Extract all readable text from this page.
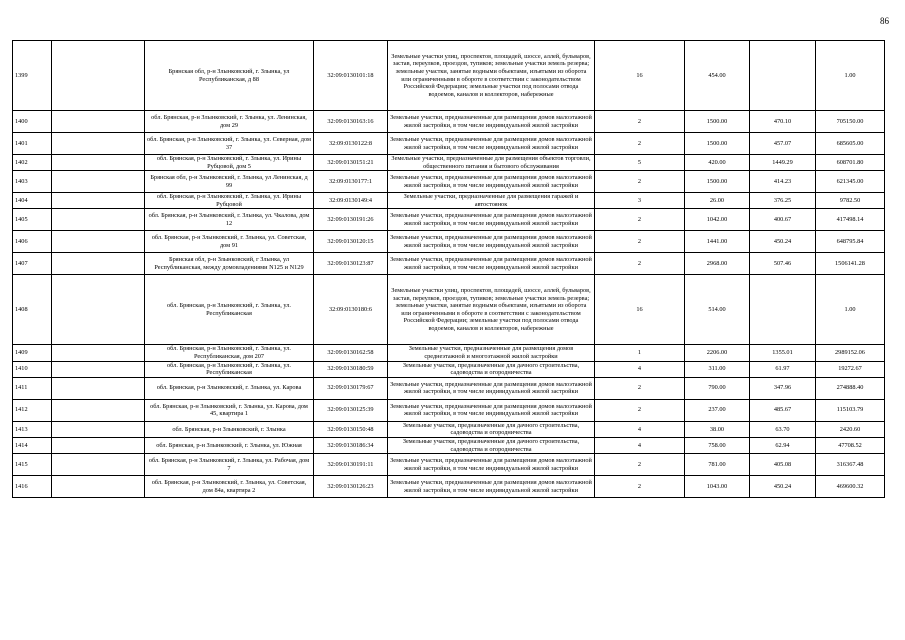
86
1399		Брянская обл, р-н Злынковский, г. Злынка, ул Республиканская, д 88	32:09:0130101:18	Земельные участки улиц, проспектов, площадей, шоссе, аллей, бульваров, застав, переулков, проездов, тупиков; земельные участки земель резерва; земельные участки, занятые водными объектами, изъятыми из оборота или ограниченными в обороте в соответствии с законодательством Российской Федерации; земельные участки под полосами отвода водоемов, каналов и коллекторов, набережные	16	454.00		1.00
1400		обл. Брянская, р-н Злынковский, г. Злынка, ул. Ленинская, дом 29	32:09:0130163:16	Земельные участки, предназначенные для размещения домов малоэтажной жилой застройки, в том числе индивидуальной жилой застройки	2	1500.00	470.10	705150.00
1401		обл. Брянская, р-н Злынковский, г. Злынка, ул. Северная, дом 37	32:09:0130122:8	Земельные участки, предназначенные для размещения домов малоэтажной жилой застройки, в том числе индивидуальной жилой застройки	2	1500.00	457.07	685605.00
1402		обл. Брянская, р-н Злынковский, г. Злынка, ул. Ирины Рубцовой, дом 5	32:09:0130151:21	Земельные участки, предназначенные для размещения объектов торговли, общественного питания и бытового обслуживания	5	420.00	1449.29	608701.80
1403		Брянская обл, р-н Злынковский, г. Злынка, ул Ленинская, д 99	32:09:0130177:1	Земельные участки, предназначенные для размещения домов малоэтажной жилой застройки, в том числе индивидуальной жилой застройки	2	1500.00	414.23	621345.00
1404		обл. Брянская, р-н Злынковский, г. Злынка, ул. Ирины Рубцовой	32:09:0130149:4	Земельные участки, предназначенные для размещения гаражей и автостоянок	3	26.00	376.25	9782.50
1405		обл. Брянская, р-н Злынковский, г. Злынка, ул. Чкалова, дом 12	32:09:0130191:26	Земельные участки, предназначенные для размещения домов малоэтажной жилой застройки, в том числе индивидуальной жилой застройки	2	1042.00	400.67	417498.14
1406		обл. Брянская, р-н Злынковский, г. Злынка, ул. Советская, дом 91	32:09:0130120:15	Земельные участки, предназначенные для размещения домов малоэтажной жилой застройки, в том числе индивидуальной жилой застройки	2	1441.00	450.24	648795.84
1407		Брянская обл, р-н Злынковский, г Злынка, ул Республиканская, между домовладениями N125 и N129	32:09:0130123:87	Земельные участки, предназначенные для размещения домов малоэтажной жилой застройки, в том числе индивидуальной жилой застройки	2	2968.00	507.46	1506141.28
1408		обл. Брянская, р-н Злынковский, г. Злынка, ул. Республиканская	32:09:0130180:6	Земельные участки улиц, проспектов, площадей, шоссе, аллей, бульваров, застав, переулков, проездов, тупиков; земельные участки земель резерва; земельные участки, занятые водными объектами, изъятыми из оборота или ограниченными в обороте в соответствии с законодательством Российской Федерации; земельные участки под полосами отвода водоемов, каналов и коллекторов, набережные	16	514.00		1.00
1409		обл. Брянская, р-н Злынковский, г. Злынка, ул. Республиканская, дом 207	32:09:0130162:58	Земельные участки, предназначенные для размещения домов среднеэтажной и многоэтажной жилой застройки	1	2206.00	1355.01	2989152.06
1410		обл. Брянская, р-н Злынковский, г. Злынка, ул. Республиканская	32:09:0130180:59	Земельные участки, предназначенные для дачного строительства, садоводства и огородничества	4	311.00	61.97	19272.67
1411		обл. Брянская, р-н Злынковский, г. Злынка, ул. Карова	32:09:0130179:67	Земельные участки, предназначенные для размещения домов малоэтажной жилой застройки, в том числе индивидуальной жилой застройки	2	790.00	347.96	274888.40
1412		обл. Брянская, р-н Злынковский, г. Злынка, ул. Карова, дом 45, квартира 1	32:09:0130125:39	Земельные участки, предназначенные для размещения домов малоэтажной жилой застройки, в том числе индивидуальной жилой застройки	2	237.00	485.67	115103.79
1413		обл. Брянская, р-н Злынковский, г. Злынка	32:09:0130150:48	Земельные участки, предназначенные для дачного строительства, садоводства и огородничества	4	38.00	63.70	2420.60
1414		обл. Брянская, р-н Злынковский, г. Злынка, ул. Южная	32:09:0130186:34	Земельные участки, предназначенные для дачного строительства, садоводства и огородничества	4	758.00	62.94	47708.52
1415		обл. Брянская, р-н Злынковский, г. Злынка, ул. Рабочая, дом 7	32:09:0130191:11	Земельные участки, предназначенные для размещения домов малоэтажной жилой застройки, в том числе индивидуальной жилой застройки	2	781.00	405.08	316367.48
1416		обл. Брянская, р-н Злынковский, г. Злынка, ул. Советская, дом 84а, квартира 2	32:09:0130126:23	Земельные участки, предназначенные для размещения домов малоэтажной жилой застройки, в том числе индивидуальной жилой застройки	2	1043.00	450.24	469600.32
